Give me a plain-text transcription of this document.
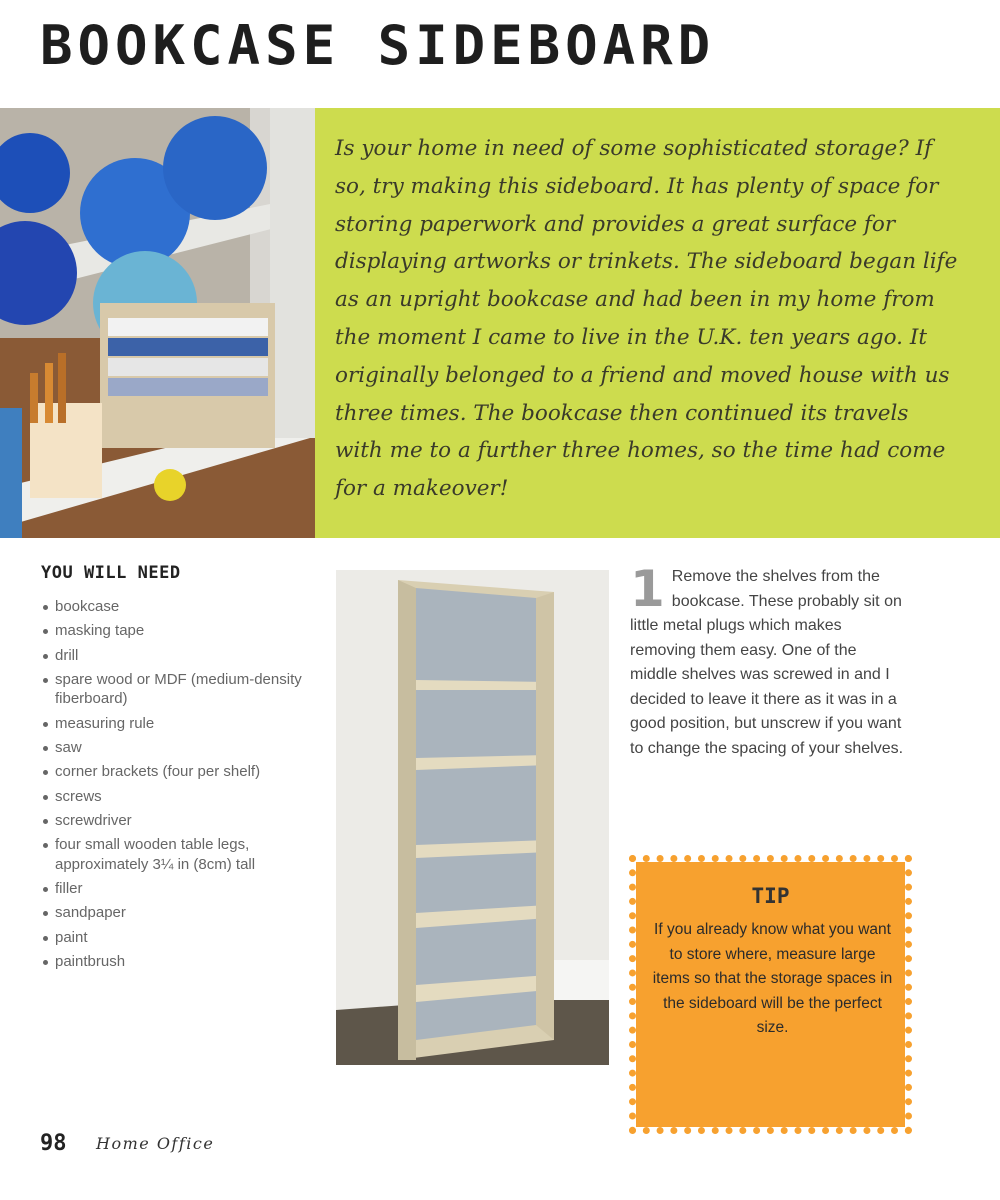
BOOKCASE SIDEBOARD

Is your home in need of some sophisticated storage? If so, try making this sideboard. It has plenty of space for storing paperwork and provides a great surface for displaying artworks or trinkets. The sideboard began life as an upright bookcase and had been in my home from the moment I came to live in the U.K. ten years ago. It originally belonged to a friend and moved house with us three times. The bookcase then continued its travels with me to a further three homes, so the time had come for a makeover!

YOU WILL NEED
bookcase
masking tape
drill
spare wood or MDF (medium-density fiberboard)
measuring rule
saw
corner brackets (four per shelf)
screws
screwdriver
four small wooden table legs, approximately 3¼ in (8cm) tall
filler
sandpaper
paint
paintbrush
1 Remove the shelves from the bookcase. These probably sit on little metal plugs which makes removing them easy. One of the middle shelves was screwed in and I decided to leave it there as it was in a good position, but unscrew if you want to change the spacing of your shelves.

TIP

If you already know what you want to store where, measure large items so that the storage spaces in the sideboard will be the perfect size.

98 Home Office
